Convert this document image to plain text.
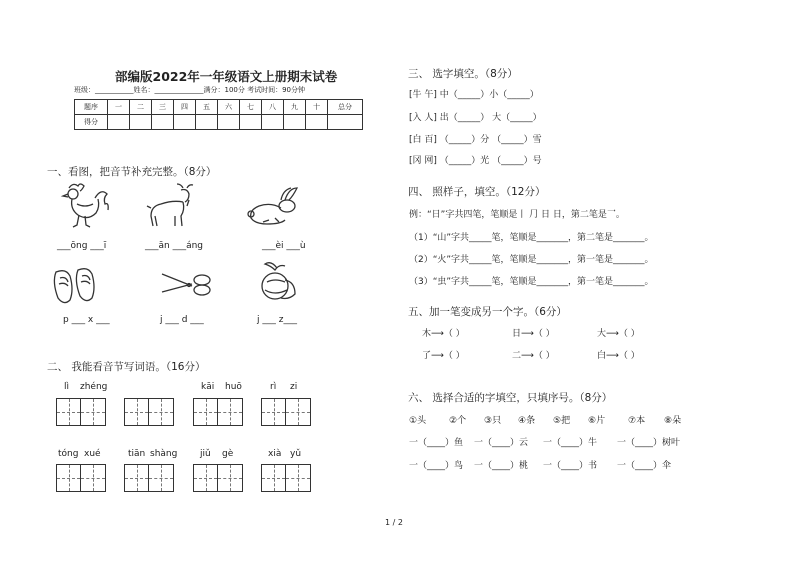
部编版2022年一年级语文上册期末试卷
班级：___________姓名：______________满分：100分 考试时间：90分钟
题序	一	二	三	四	五	六	七	八	九	十	总分
得分											
一、看图，把音节补充完整。（8分）
___ōng ___ī	___ān ___áng	___èi ___ù
p ___ x ___	j ___ d ___	j ___ z___
二、 我能看音节写词语。（16分）
lì zhéng	kāi huō	rì zi
tóng xué	tiān shàng	jiǔ gè	xià yǔ
三、 选字填空。（8分）
[牛 午] 中（_____）小（_____）
[入 人] 出（_____） 大（_____）
[白 百] （_____）分 （_____）雪
[冈 网] （_____）光 （_____）号
四、 照样子，填空。（12分）
例：“日”字共四笔，笔顺是丨 ⺆ 日 日，第二笔是乛。
（1）“山”字共_____笔，笔顺是_______，第二笔是_______。
（2）“火”字共_____笔，笔顺是_______，第一笔是_______。
（3）“虫”字共_____笔，笔顺是_______，第一笔是_______。
五、加一笔变成另一个字。（6分）
木⟶（ ）	日⟶（ ）	大⟶（ ）
了⟶（ ）	二⟶（ ）	白⟶（ ）
六、 选择合适的字填空，只填序号。（8分）
①头	②个 ③只 ④条 ⑤把 ⑥片	⑦本 ⑧朵
一（____）鱼 一（____）云 一（____）牛 一（____）树叶
一（____）鸟 一（____）桃 一（____）书 一（____）伞
1 / 2
